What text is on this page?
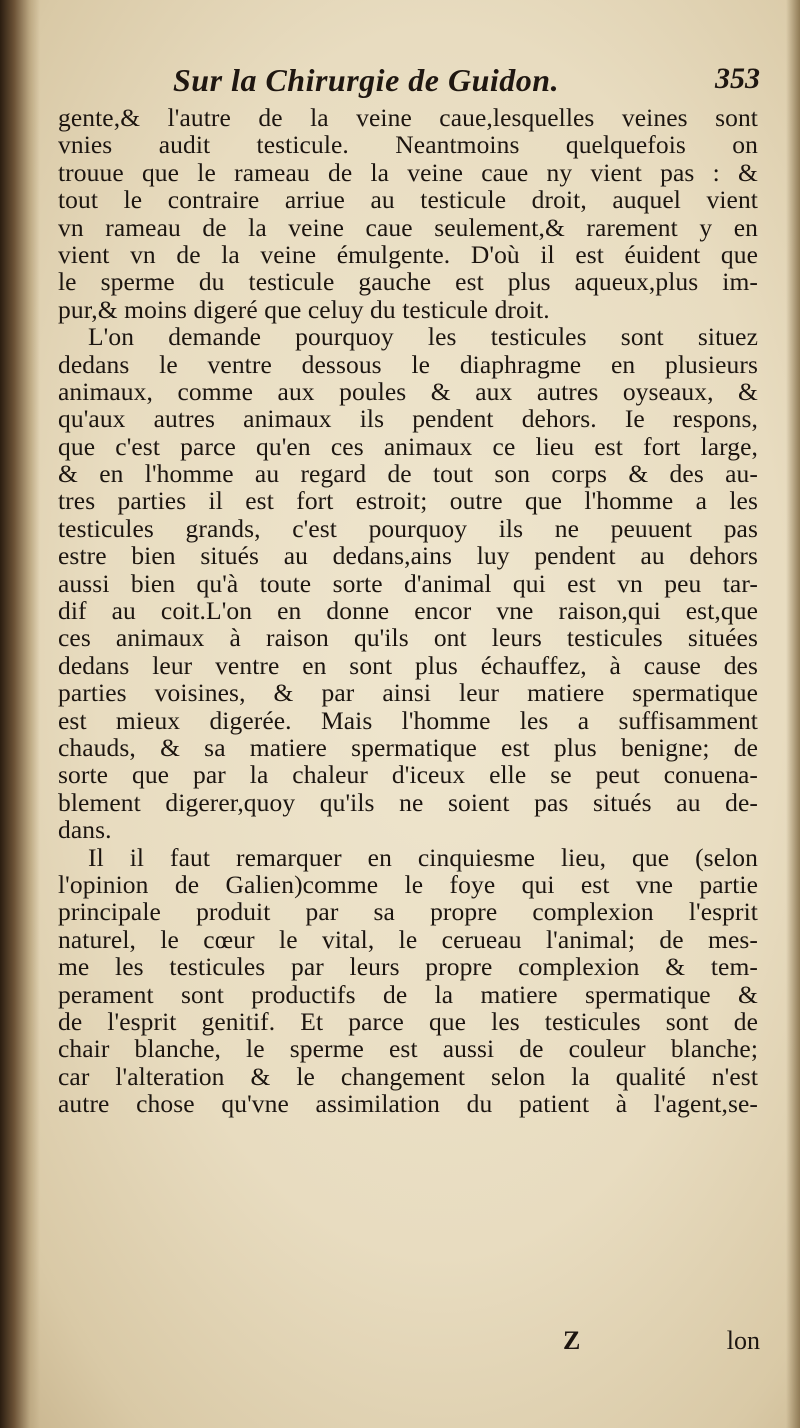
Sur la Chirurgie de Guidon.	353
gente,& l'autre de la veine caue,lesquelles veines sont
vnies audit testicule. Neantmoins quelquefois on
trouue que le rameau de la veine caue ny vient pas : &
tout le contraire arriue au testicule droit, auquel vient
vn rameau de la veine caue seulement,& rarement y en
vient vn de la veine émulgente. D'où il est éuident que
le sperme du testicule gauche est plus aqueux,plus im-
pur,& moins digeré que celuy du testicule droit.
L'on demande pourquoy les testicules sont situez
dedans le ventre dessous le diaphragme en plusieurs
animaux, comme aux poules & aux autres oyseaux, &
qu'aux autres animaux ils pendent dehors. Ie respons,
que c'est parce qu'en ces animaux ce lieu est fort large,
& en l'homme au regard de tout son corps & des au-
tres parties il est fort estroit; outre que l'homme a les
testicules grands, c'est pourquoy ils ne peuuent pas
estre bien situés au dedans,ains luy pendent au dehors
aussi bien qu'à toute sorte d'animal qui est vn peu tar-
dif au coit.L'on en donne encor vne raison,qui est,que
ces animaux à raison qu'ils ont leurs testicules situées
dedans leur ventre en sont plus échauffez, à cause des
parties voisines, & par ainsi leur matiere spermatique
est mieux digerée. Mais l'homme les a suffisamment
chauds, & sa matiere spermatique est plus benigne; de
sorte que par la chaleur d'iceux elle se peut conuena-
blement digerer,quoy qu'ils ne soient pas situés au de-
dans.
Il il faut remarquer en cinquiesme lieu, que (selon
l'opinion de Galien)comme le foye qui est vne partie
principale produit par sa propre complexion l'esprit
naturel, le cœur le vital, le cerueau l'animal; de mes-
me les testicules par leurs propre complexion & tem-
perament sont productifs de la matiere spermatique &
de l'esprit genitif. Et parce que les testicules sont de
chair blanche, le sperme est aussi de couleur blanche;
car l'alteration & le changement selon la qualité n'est
autre chose qu'vne assimilation du patient à l'agent,se-
Z	lon
